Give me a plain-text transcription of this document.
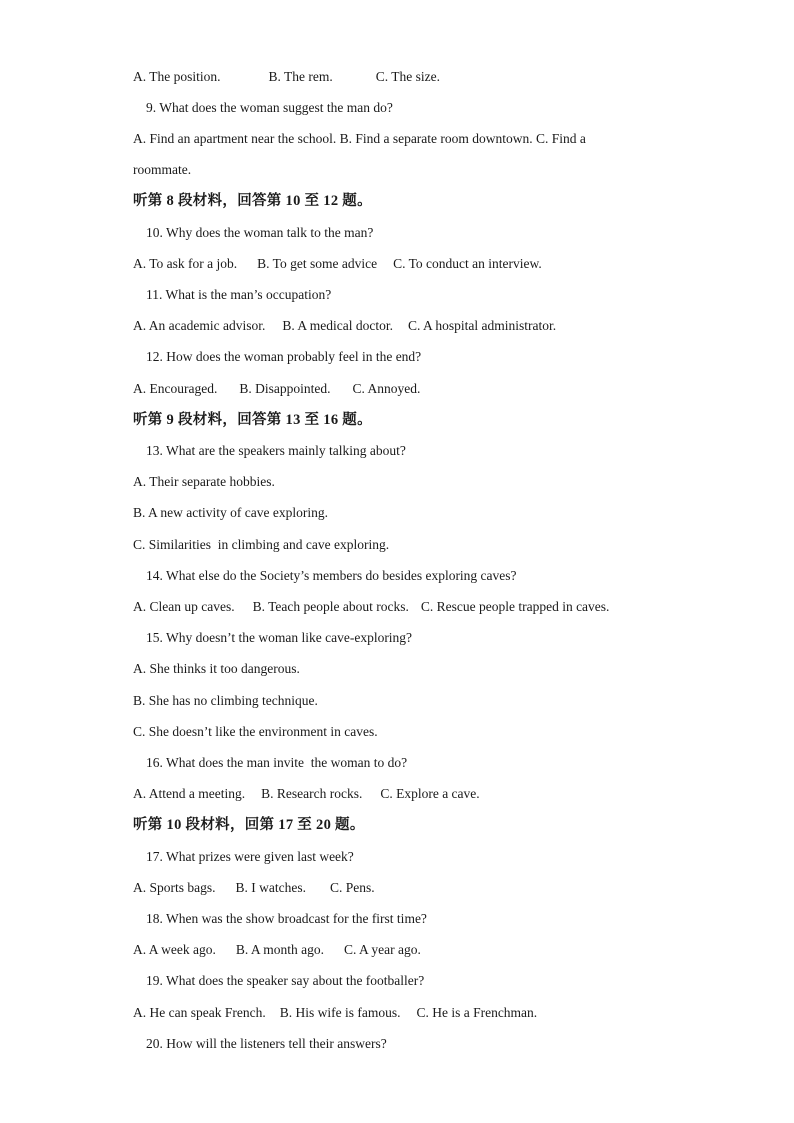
A. The position.	B. The rem.	C. The size.
9. What does the woman suggest the man do?
A. Find an apartment near the school. B. Find a separate room downtown. C. Find a
roommate.
听第 8 段材料，回答第 10 至 12 题。
10. Why does the woman talk to the man?
A. To ask for a job. B. To get some advice C. To conduct an interview.
11. What is the man’s occupation?
A. An academic advisor. B. A medical doctor. C. A hospital administrator.
12. How does the woman probably feel in the end?
A. Encouraged. B. Disappointed. C. Annoyed.
听第 9 段材料，回答第 13 至 16 题。
13. What are the speakers mainly talking about?
A. Their separate hobbies.
B. A new activity of cave exploring.
C. Similarities  in climbing and cave exploring.
14. What else do the Society’s members do besides exploring caves?
A. Clean up caves. B. Teach people about rocks. C. Rescue people trapped in caves.
15. Why doesn’t the woman like cave-exploring?
A. She thinks it too dangerous.
B. She has no climbing technique.
C. She doesn’t like the environment in caves.
16. What does the man invite  the woman to do?
A. Attend a meeting. B. Research rocks. C. Explore a cave.
听第 10 段材料，回第 17 至 20 题。
17. What prizes were given last week?
A. Sports bags. B. I watches. C. Pens.
18. When was the show broadcast for the first time?
A. A week ago. B. A month ago. C. A year ago.
19. What does the speaker say about the footballer?
A. He can speak French. B. His wife is famous. C. He is a Frenchman.
20. How will the listeners tell their answers?
